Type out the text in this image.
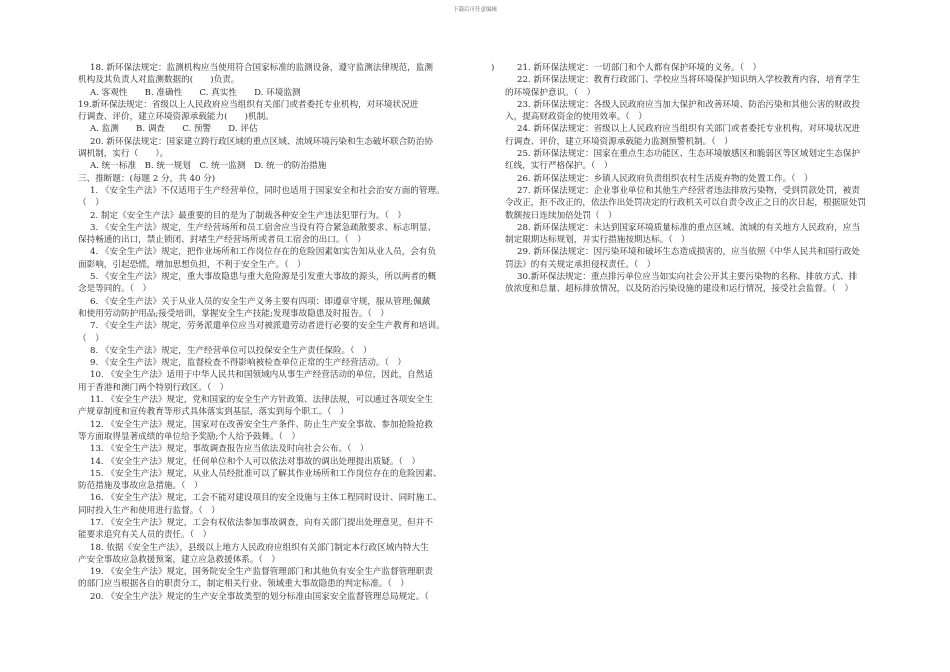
下载后可任意编辑
)

18. 新环保法规定：监测机构应当使用符合国家标准的监测设备，遵守监测法律规范，监测

机构及其负责人对监测数据的(　　)负责。

A. 客观性　　B. 准确性　　C. 真实性　　D. 环境监测

19.新环保法规定：省级以上人民政府应当组织有关部门或者委托专业机构，对环境状况进

行调查、评价，建立环境资源承载能力(　　)机制。

A. 监测　　B. 调查　　C. 预警　　D. 评估

20. 新环保法规定：国家建立跨行政区域的重点区域、流域环境污染和生态破坏联合防治协

调机制，实行（　　）。

A. 统一标准　B. 统一规划　C. 统一监测　D. 统一的防治措施

三、推断题：(每题 2 分，共 40 分)

1. 《安全生产法》不仅适用于生产经营单位，同时也适用于国家安全和社会治安方面的管理。

（　）

2. 制定《安全生产法》最重要的目的是为了制裁各种安全生产违法犯罪行为。（　）

3. 《安全生产法》规定，生产经营场所和员工宿舍应当设有符合紧急疏散要求、标志明显、

保持畅通的出口，禁止锁闭、封堵生产经营场所或者员工宿舍的出口。（　）

4. 《安全生产法》规定，把作业场所和工作岗位存在的危险因素如实告知从业人员，会有负

面影响，引起恐慌，增加思想负担，不利于安全生产。（　）

5. 《安全生产法》规定，重大事故隐患与重大危险源是引发重大事故的源头，所以两者的概

念是等同的。（　）

6. 《安全生产法》关于从业人员的安全生产义务主要有四项：即遵章守规，服从管理;佩戴

和使用劳动防护用品;接受培训，掌握安全生产技能;发现事故隐患及时报告。（　）

7. 《安全生产法》规定，劳务派遣单位应当对被派遣劳动者进行必要的安全生产教育和培训。

（　）

8. 《安全生产法》规定，生产经营单位可以投保安全生产责任保险。（　）

9. 《安全生产法》规定，监督检查不得影响被检查单位正常的生产经营活动。（　）

10. 《安全生产法》适用于中华人民共和国领域内从事生产经营活动的单位，因此，自然适

用于香港和澳门两个特别行政区。（　）

11. 《安全生产法》规定，党和国家的安全生产方针政策、法律法规，可以通过各项安全生

产规章制度和宣传教育等形式具体落实到基层，落实到每个职工。（　）

12. 《安全生产法》规定，国家对在改善安全生产条件、防止生产安全事故、参加抢险抢救

等方面取得显著成绩的单位给予奖励;个人给予鼓舞。（　）

13. 《安全生产法》规定，事故调查报告应当依法及时向社会公布。（　）

14. 《安全生产法》规定，任何单位和个人可以依法对事故的调出处理提出质疑。（　）

15. 《安全生产法》规定，从业人员经批准可以了解其作业场所和工作岗位存在的危险因素、

防范措施及事故应急措施。（　）

16. 《安全生产法》规定，工会不能对建设项目的安全设施与主体工程同时设计、同时施工、

同时投入生产和使用进行监督。（　）

17. 《安全生产法》规定，工会有权依法参加事故调查，向有关部门提出处理意见，但并不

能要求追究有关人员的责任。（　）

18. 依据《安全生产法》，县级以上地方人民政府应组织有关部门制定本行政区域内特大生

产安全事故应急救援预案，建立应急救援体系。（　）

19. 《安全生产法》规定，国务院安全生产监督管理部门和其他负有安全生产监督管理职责

的部门应当根据各自的职责分工，制定相关行业、领域重大事故隐患的判定标准。（　）

20. 《安全生产法》规定的生产安全事故类型的划分标准由国家安全监督管理总局规定。（

21. 新环保法规定：一切部门和个人都有保护环境的义务。（　）

22. 新环保法规定：教育行政部门、学校应当将环境保护知识纳入学校教育内容，培育学生

的环境保护意识。（　）

23. 新环保法规定：各级人民政府应当加大保护和改善环境、防治污染和其他公害的财政投

入，提高财政资金的使用效率。（　）

24. 新环保法规定：省级以上人民政府应当组织有关部门或者委托专业机构，对环境状况进

行调查、评价，建立环境资源承载能力监测预警机制。（　）

25. 新环保法规定：国家在重点生态功能区、生态环境敏感区和脆弱区等区域划定生态保护

红线，实行严格保护。（　）

26. 新环保法规定：乡镇人民政府负责组织农村生活废弃物的处置工作。（　）

27. 新环保法规定：企业事业单位和其他生产经营者违法排放污染物，受到罚款处罚，被责

令改正，拒不改正的，依法作出处罚决定的行政机关可以自责令改正之日的次日起，根据原处罚

数额按日连续加倍处罚（　）

28. 新环保法规定：未达到国家环境质量标准的重点区域、流域的有关地方人民政府，应当

制定限期达标规划，并实行措施按期达标。（　）

29. 新环保法规定：因污染环境和破坏生态造成损害的，应当依照《中华人民共和国行政处

罚法》的有关规定承担侵权责任。（　）

30.新环保法规定：重点排污单位应当如实向社会公开其主要污染物的名称、排放方式、排

放浓度和总量、超标排放情况，以及防治污染设施的建设和运行情况，接受社会监督。（　）
